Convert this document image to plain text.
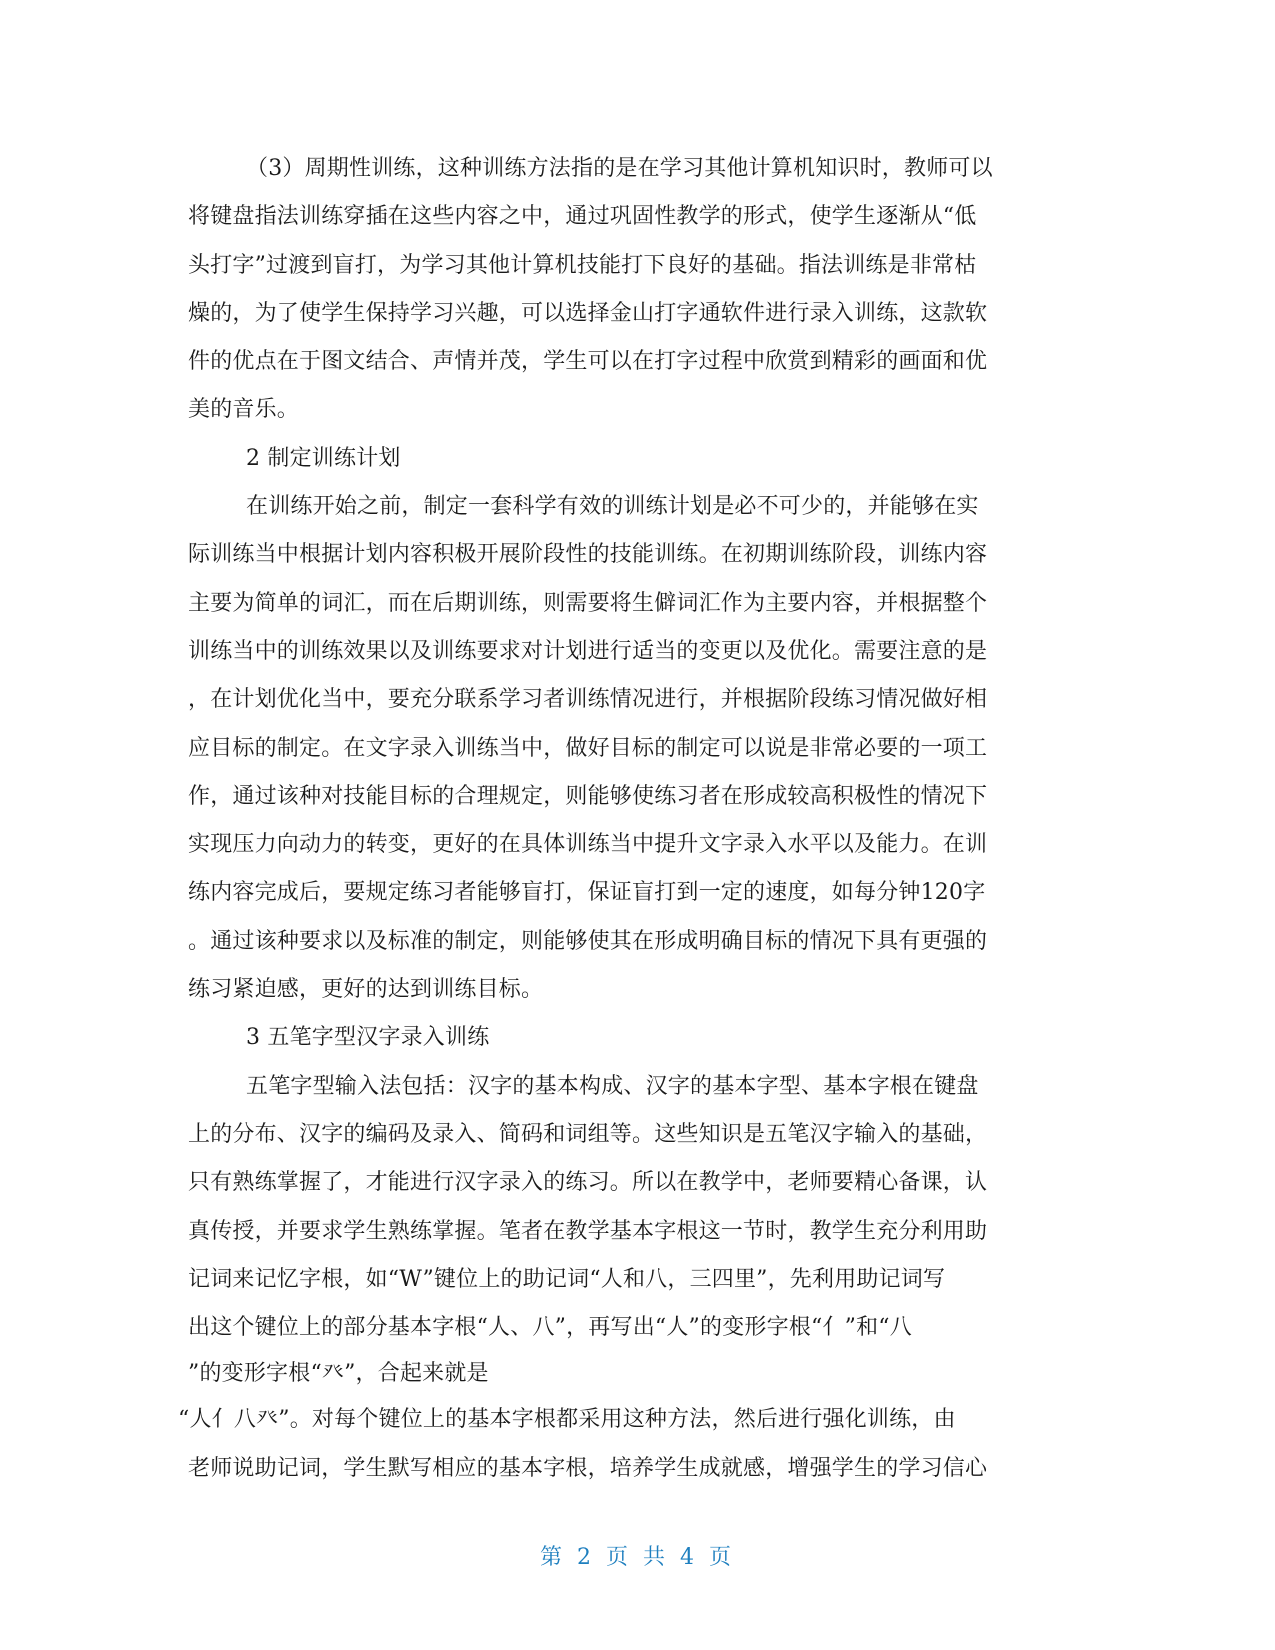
（3）周期性训练，这种训练方法指的是在学习其他计算机知识时，教师可以
将键盘指法训练穿插在这些内容之中，通过巩固性教学的形式，使学生逐渐从“低
头打字”过渡到盲打，为学习其他计算机技能打下良好的基础。指法训练是非常枯
燥的，为了使学生保持学习兴趣，可以选择金山打字通软件进行录入训练，这款软
件的优点在于图文结合、声情并茂，学生可以在打字过程中欣赏到精彩的画面和优
美的音乐。
2 制定训练计划
在训练开始之前，制定一套科学有效的训练计划是必不可少的，并能够在实
际训练当中根据计划内容积极开展阶段性的技能训练。在初期训练阶段，训练内容
主要为简单的词汇，而在后期训练，则需要将生僻词汇作为主要内容，并根据整个
训练当中的训练效果以及训练要求对计划进行适当的变更以及优化。需要注意的是
，在计划优化当中，要充分联系学习者训练情况进行，并根据阶段练习情况做好相
应目标的制定。在文字录入训练当中，做好目标的制定可以说是非常必要的一项工
作，通过该种对技能目标的合理规定，则能够使练习者在形成较高积极性的情况下
实现压力向动力的转变，更好的在具体训练当中提升文字录入水平以及能力。在训
练内容完成后，要规定练习者能够盲打，保证盲打到一定的速度，如每分钟120字
。通过该种要求以及标准的制定，则能够使其在形成明确目标的情况下具有更强的
练习紧迫感，更好的达到训练目标。
3 五笔字型汉字录入训练
五笔字型输入法包括：汉字的基本构成、汉字的基本字型、基本字根在键盘
上的分布、汉字的编码及录入、简码和词组等。这些知识是五笔汉字输入的基础，
只有熟练掌握了，才能进行汉字录入的练习。所以在教学中，老师要精心备课，认
真传授，并要求学生熟练掌握。笔者在教学基本字根这一节时，教学生充分利用助
记词来记忆字根，如“W”键位上的助记词“人和八，三四里”，先利用助记词写
出这个键位上的部分基本字根“人、八”，再写出“人”的变形字根“亻”和“八
”的变形字根“癶”，合起来就是
“人亻八癶”。对每个键位上的基本字根都采用这种方法，然后进行强化训练，由
老师说助记词，学生默写相应的基本字根，培养学生成就感，增强学生的学习信心
第 2 页 共 4 页
